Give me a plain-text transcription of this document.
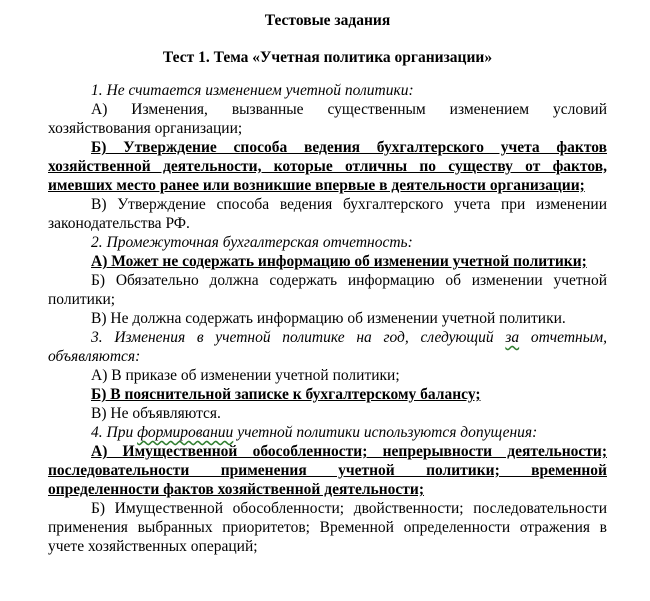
Тестовые задания
Тест 1. Тема «Учетная политика организации»

1. Не считается изменением учетной политики:

А) Изменения, вызванные существенным изменением условий хозяйствования организации;

Б) Утверждение способа ведения бухгалтерского учета фактов хозяйственной деятельности, которые отличны по существу от фактов, имевших место ранее или возникшие впервые в деятельности организации;

В) Утверждение способа ведения бухгалтерского учета при изменении законодательства РФ.

2. Промежуточная бухгалтерская отчетность:

А) Может не содержать информацию об изменении учетной политики;

Б) Обязательно должна содержать информацию об изменении учетной политики;

В) Не должна содержать информацию об изменении учетной политики.

3. Изменения в учетной политике на год, следующий за отчетным, объявляются:

А) В приказе об изменении учетной политики;

Б) В пояснительной записке к бухгалтерскому балансу;

В) Не объявляются.

4. При формировании учетной политики используются допущения:

А) Имущественной обособленности; непрерывности деятельности; последовательности применения учетной политики; временной определенности фактов хозяйственной деятельности;

Б) Имущественной обособленности; двойственности; последовательности применения выбранных приоритетов; Временной определенности отражения в учете хозяйственных операций;
